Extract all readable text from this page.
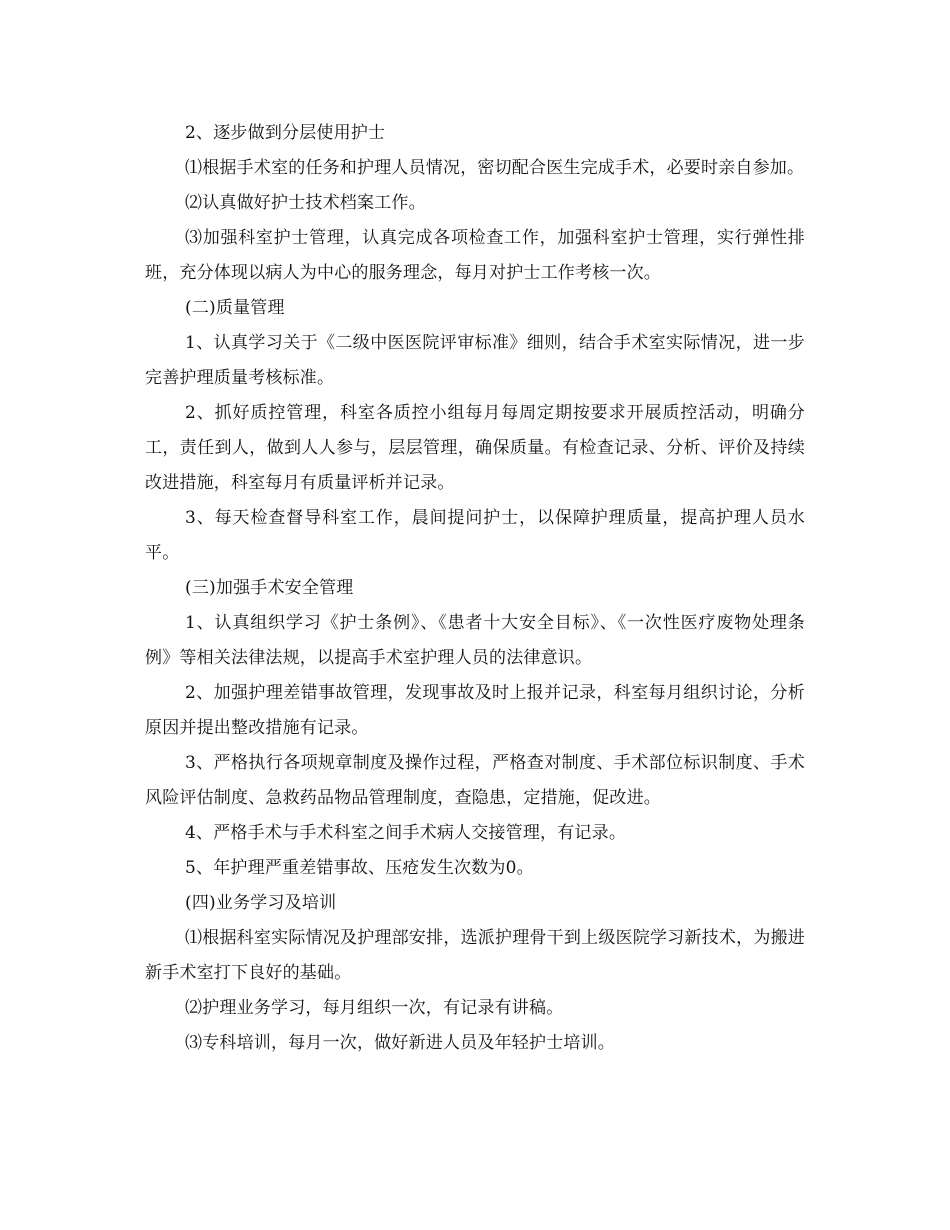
2、逐步做到分层使用护士

⑴根据手术室的任务和护理人员情况，密切配合医生完成手术，必要时亲自参加。

⑵认真做好护士技术档案工作。

⑶加强科室护士管理，认真完成各项检查工作，加强科室护士管理，实行弹性排班，充分体现以病人为中心的服务理念，每月对护士工作考核一次。

(二)质量管理

1、认真学习关于《二级中医医院评审标准》细则，结合手术室实际情况，进一步完善护理质量考核标准。

2、抓好质控管理，科室各质控小组每月每周定期按要求开展质控活动，明确分工，责任到人，做到人人参与，层层管理，确保质量。有检查记录、分析、评价及持续改进措施，科室每月有质量评析并记录。

3、每天检查督导科室工作，晨间提问护士，以保障护理质量，提高护理人员水平。

(三)加强手术安全管理

1、认真组织学习《护士条例》、《患者十大安全目标》、《一次性医疗废物处理条例》等相关法律法规，以提高手术室护理人员的法律意识。

2、加强护理差错事故管理，发现事故及时上报并记录，科室每月组织讨论，分析原因并提出整改措施有记录。

3、严格执行各项规章制度及操作过程，严格查对制度、手术部位标识制度、手术风险评估制度、急救药品物品管理制度，查隐患，定措施，促改进。

4、严格手术与手术科室之间手术病人交接管理，有记录。

5、年护理严重差错事故、压疮发生次数为0。

(四)业务学习及培训

⑴根据科室实际情况及护理部安排，选派护理骨干到上级医院学习新技术，为搬进新手术室打下良好的基础。

⑵护理业务学习，每月组织一次，有记录有讲稿。

⑶专科培训，每月一次，做好新进人员及年轻护士培训。
